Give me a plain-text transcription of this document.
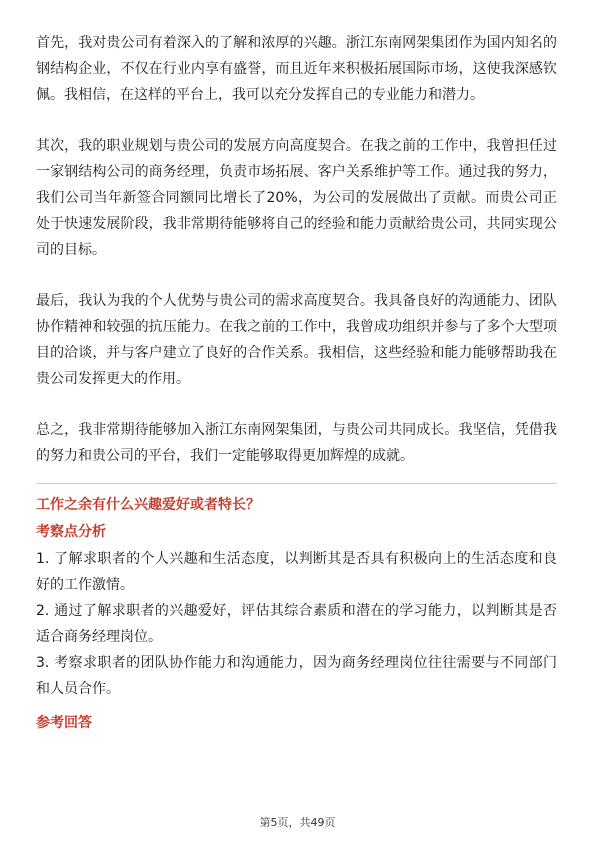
首先，我对贵公司有着深入的了解和浓厚的兴趣。浙江东南网架集团作为国内知名的钢结构企业，不仅在行业内享有盛誉，而且近年来积极拓展国际市场，这使我深感钦佩。我相信，在这样的平台上，我可以充分发挥自己的专业能力和潜力。

其次，我的职业规划与贵公司的发展方向高度契合。在我之前的工作中，我曾担任过一家钢结构公司的商务经理，负责市场拓展、客户关系维护等工作。通过我的努力，我们公司当年新签合同额同比增长了20%，为公司的发展做出了贡献。而贵公司正处于快速发展阶段，我非常期待能够将自己的经验和能力贡献给贵公司，共同实现公司的目标。

最后，我认为我的个人优势与贵公司的需求高度契合。我具备良好的沟通能力、团队协作精神和较强的抗压能力。在我之前的工作中，我曾成功组织并参与了多个大型项目的洽谈，并与客户建立了良好的合作关系。我相信，这些经验和能力能够帮助我在贵公司发挥更大的作用。

总之，我非常期待能够加入浙江东南网架集团，与贵公司共同成长。我坚信，凭借我的努力和贵公司的平台，我们一定能够取得更加辉煌的成就。

工作之余有什么兴趣爱好或者特长？
考察点分析
1. 了解求职者的个人兴趣和生活态度，以判断其是否具有积极向上的生活态度和良好的工作激情。
2. 通过了解求职者的兴趣爱好，评估其综合素质和潜在的学习能力，以判断其是否适合商务经理岗位。
3. 考察求职者的团队协作能力和沟通能力，因为商务经理岗位往往需要与不同部门和人员合作。
参考回答
第5页，共49页
